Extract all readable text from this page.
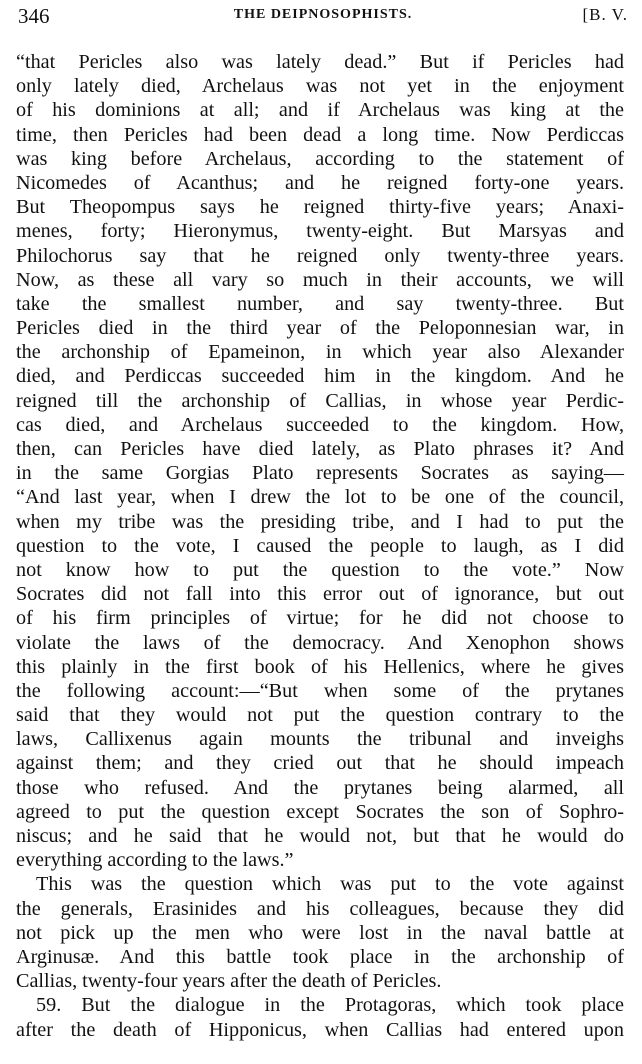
346	THE DEIPNOSOPHISTS.	[B. V.
“that Pericles also was lately dead.” But if Pericles had
only lately died, Archelaus was not yet in the enjoyment
of his dominions at all; and if Archelaus was king at the
time, then Pericles had been dead a long time. Now Perdiccas
was king before Archelaus, according to the statement of
Nicomedes of Acanthus; and he reigned forty-one years.
But Theopompus says he reigned thirty-five years; Anaxi-
menes, forty; Hieronymus, twenty-eight. But Marsyas and
Philochorus say that he reigned only twenty-three years.
Now, as these all vary so much in their accounts, we will
take the smallest number, and say twenty-three. But
Pericles died in the third year of the Peloponnesian war, in
the archonship of Epameinon, in which year also Alexander
died, and Perdiccas succeeded him in the kingdom. And he
reigned till the archonship of Callias, in whose year Perdic-
cas died, and Archelaus succeeded to the kingdom. How,
then, can Pericles have died lately, as Plato phrases it? And
in the same Gorgias Plato represents Socrates as saying—
“And last year, when I drew the lot to be one of the council,
when my tribe was the presiding tribe, and I had to put the
question to the vote, I caused the people to laugh, as I did
not know how to put the question to the vote.” Now
Socrates did not fall into this error out of ignorance, but out
of his firm principles of virtue; for he did not choose to
violate the laws of the democracy. And Xenophon shows
this plainly in the first book of his Hellenics, where he gives
the following account:—“But when some of the prytanes
said that they would not put the question contrary to the
laws, Callixenus again mounts the tribunal and inveighs
against them; and they cried out that he should impeach
those who refused. And the prytanes being alarmed, all
agreed to put the question except Socrates the son of Sophro-
niscus; and he said that he would not, but that he would do
everything according to the laws.”
This was the question which was put to the vote against
the generals, Erasinides and his colleagues, because they did
not pick up the men who were lost in the naval battle at
Arginusæ. And this battle took place in the archonship of
Callias, twenty-four years after the death of Pericles.
59. But the dialogue in the Protagoras, which took place
after the death of Hipponicus, when Callias had entered upon
